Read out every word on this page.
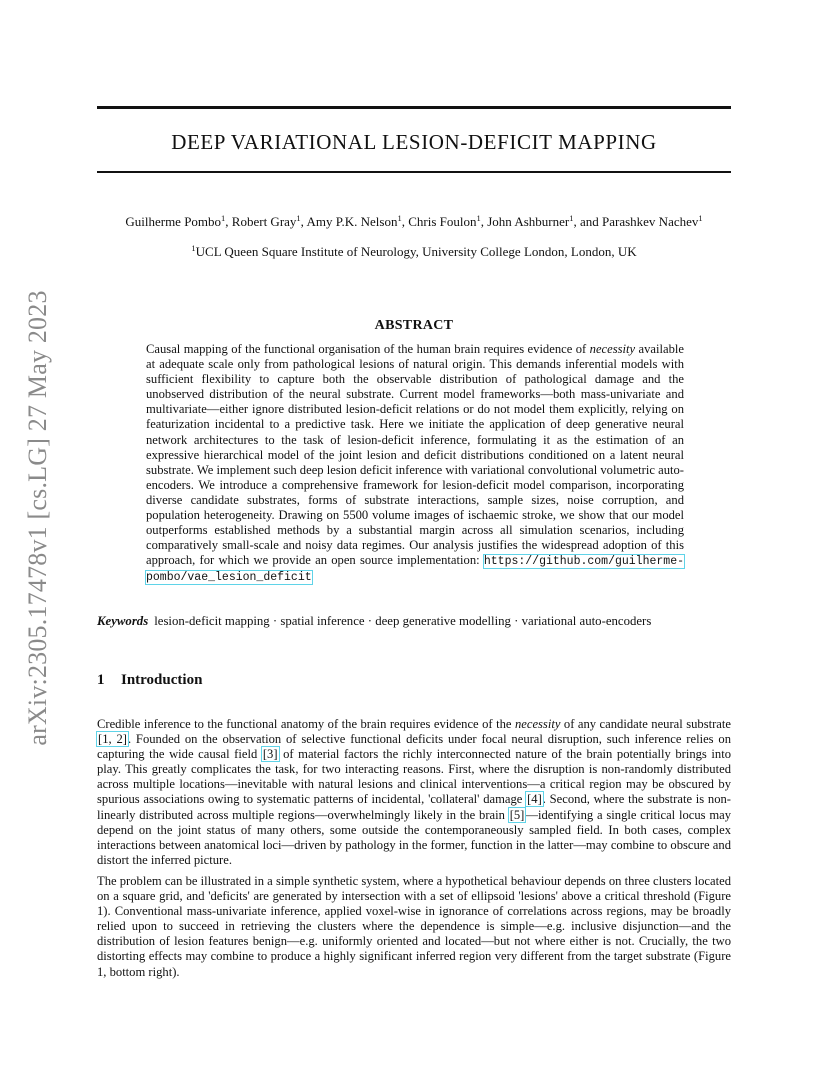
arXiv:2305.17478v1 [cs.LG] 27 May 2023
DEEP VARIATIONAL LESION-DEFICIT MAPPING
Guilherme Pombo$^1$, Robert Gray$^1$, Amy P.K. Nelson$^1$, Chris Foulon$^1$, John Ashburner$^1$, and Parashkev Nachev$^1$
$^1$UCL Queen Square Institute of Neurology, University College London, London, UK
ABSTRACT
Causal mapping of the functional organisation of the human brain requires evidence of necessity available at adequate scale only from pathological lesions of natural origin. This demands inferential models with sufficient flexibility to capture both the observable distribution of pathological damage and the unobserved distribution of the neural substrate. Current model frameworks—both mass-univariate and multivariate—either ignore distributed lesion-deficit relations or do not model them explicitly, relying on featurization incidental to a predictive task. Here we initiate the application of deep generative neural network architectures to the task of lesion-deficit inference, formulating it as the estimation of an expressive hierarchical model of the joint lesion and deficit distributions conditioned on a latent neural substrate. We implement such deep lesion deficit inference with variational convolutional volumetric auto-encoders. We introduce a comprehensive framework for lesion-deficit model comparison, incorporating diverse candidate substrates, forms of substrate interactions, sample sizes, noise corruption, and population heterogeneity. Drawing on 5500 volume images of ischaemic stroke, we show that our model outperforms established methods by a substantial margin across all simulation scenarios, including comparatively small-scale and noisy data regimes. Our analysis justifies the widespread adoption of this approach, for which we provide an open source implementation: https://github.com/guilherme-pombo/vae_lesion_deficit
Keywords lesion-deficit mapping · spatial inference · deep generative modelling · variational auto-encoders
1 Introduction
Credible inference to the functional anatomy of the brain requires evidence of the necessity of any candidate neural substrate [1, 2]. Founded on the observation of selective functional deficits under focal neural disruption, such inference relies on capturing the wide causal field [3] of material factors the richly interconnected nature of the brain potentially brings into play. This greatly complicates the task, for two interacting reasons. First, where the disruption is non-randomly distributed across multiple locations—inevitable with natural lesions and clinical interventions—a critical region may be obscured by spurious associations owing to systematic patterns of incidental, 'collateral' damage [4]. Second, where the substrate is non-linearly distributed across multiple regions—overwhelmingly likely in the brain [5]—identifying a single critical locus may depend on the joint status of many others, some outside the contemporaneously sampled field. In both cases, complex interactions between anatomical loci—driven by pathology in the former, function in the latter—may combine to obscure and distort the inferred picture.
The problem can be illustrated in a simple synthetic system, where a hypothetical behaviour depends on three clusters located on a square grid, and 'deficits' are generated by intersection with a set of ellipsoid 'lesions' above a critical threshold (Figure 1). Conventional mass-univariate inference, applied voxel-wise in ignorance of correlations across regions, may be broadly relied upon to succeed in retrieving the clusters where the dependence is simple—e.g. inclusive disjunction—and the distribution of lesion features benign—e.g. uniformly oriented and located—but not where either is not. Crucially, the two distorting effects may combine to produce a highly significant inferred region very different from the target substrate (Figure 1, bottom right).
